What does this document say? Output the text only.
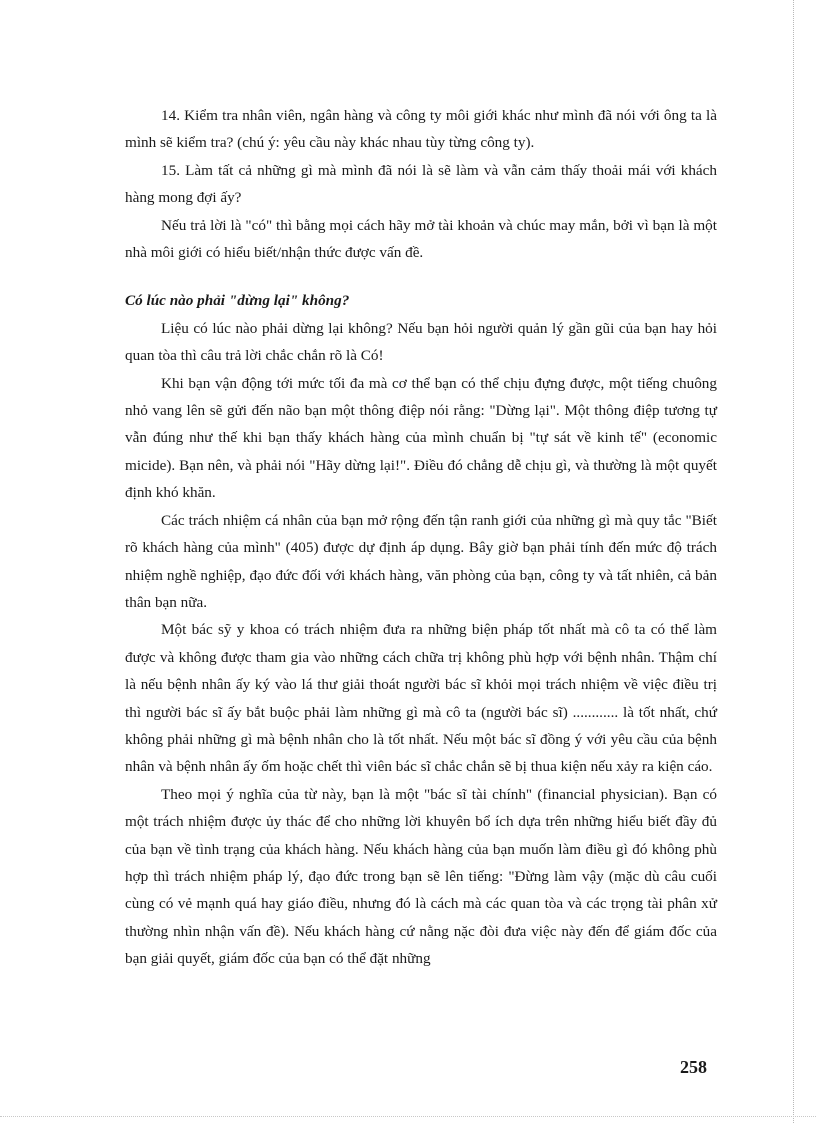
14. Kiểm tra nhân viên, ngân hàng và công ty môi giới khác như mình đã nói với ông ta là mình sẽ kiểm tra? (chú ý: yêu cầu này khác nhau tùy từng công ty).

15. Làm tất cả những gì mà mình đã nói là sẽ làm và vẫn cảm thấy thoải mái với khách hàng mong đợi ấy?

Nếu trả lời là "có" thì bằng mọi cách hãy mở tài khoản và chúc may mắn, bởi vì bạn là một nhà môi giới có hiểu biết/nhận thức được vấn đề.

Có lúc nào phải "dừng lại" không?

Liệu có lúc nào phải dừng lại không? Nếu bạn hỏi người quản lý gần gũi của bạn hay hỏi quan tòa thì câu trả lời chắc chắn rõ là Có!

Khi bạn vận động tới mức tối đa mà cơ thể bạn có thể chịu đựng được, một tiếng chuông nhỏ vang lên sẽ gửi đến não bạn một thông điệp nói rằng: "Dừng lại". Một thông điệp tương tự vẫn đúng như thế khi bạn thấy khách hàng của mình chuẩn bị "tự sát về kinh tế" (economic micide). Bạn nên, và phải nói "Hãy dừng lại!". Điều đó chẳng dễ chịu gì, và thường là một quyết định khó khăn.

Các trách nhiệm cá nhân của bạn mở rộng đến tận ranh giới của những gì mà quy tắc "Biết rõ khách hàng của mình" (405) được dự định áp dụng. Bây giờ bạn phải tính đến mức độ trách nhiệm nghề nghiệp, đạo đức đối với khách hàng, văn phòng của bạn, công ty và tất nhiên, cả bản thân bạn nữa.

Một bác sỹ y khoa có trách nhiệm đưa ra những biện pháp tốt nhất mà cô ta có thể làm được và không được tham gia vào những cách chữa trị không phù hợp với bệnh nhân. Thậm chí là nếu bệnh nhân ấy ký vào lá thư giải thoát người bác sĩ khỏi mọi trách nhiệm về việc điều trị thì người bác sĩ ấy bắt buộc phải làm những gì mà cô ta (người bác sĩ) ............ là tốt nhất, chứ không phải những gì mà bệnh nhân cho là tốt nhất. Nếu một bác sĩ đồng ý với yêu cầu của bệnh nhân và bệnh nhân ấy ốm hoặc chết thì viên bác sĩ chắc chắn sẽ bị thua kiện nếu xảy ra kiện cáo.

Theo mọi ý nghĩa của từ này, bạn là một "bác sĩ tài chính" (financial physician). Bạn có một trách nhiệm được ủy thác để cho những lời khuyên bổ ích dựa trên những hiểu biết đầy đủ của bạn về tình trạng của khách hàng. Nếu khách hàng của bạn muốn làm điều gì đó không phù hợp thì trách nhiệm pháp lý, đạo đức trong bạn sẽ lên tiếng: "Đừng làm vậy (mặc dù câu cuối cùng có vẻ mạnh quá hay giáo điều, nhưng đó là cách mà các quan tòa và các trọng tài phân xử thường nhìn nhận vấn đề). Nếu khách hàng cứ nằng nặc đòi đưa việc này đến để giám đốc của bạn giải quyết, giám đốc của bạn có thể đặt những

258
